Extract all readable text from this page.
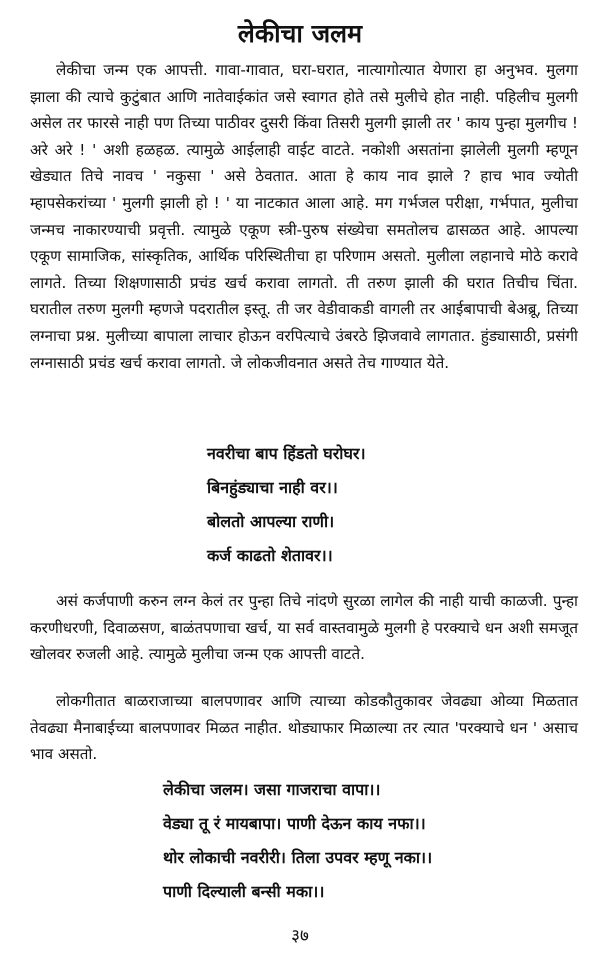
लेकीचा जलम

लेकीचा जन्म एक आपत्ती. गावा-गावात, घरा-घरात, नात्यागोत्यात येणारा हा अनुभव. मुलगा झाला की त्याचे कुटुंबात आणि नातेवाईकांत जसे स्वागत होते तसे मुलीचे होत नाही. पहिलीच मुलगी असेल तर फारसे नाही पण तिच्या पाठीवर दुसरी किंवा तिसरी मुलगी झाली तर ' काय पुन्हा मुलगीच ! अरे अरे ! ' अशी हळहळ. त्यामुळे आईलाही वाईट वाटते. नकोशी असतांना झालेली मुलगी म्हणून खेड्यात तिचे नावच ' नकुसा ' असे ठेवतात. आता हे काय नाव झाले ? हाच भाव ज्योती म्हापसेकरांच्या ' मुलगी झाली हो ! ' या नाटकात आला आहे. मग गर्भजल परीक्षा, गर्भपात, मुलीचा जन्मच नाकारण्याची प्रवृत्ती. त्यामुळे एकूण स्त्री-पुरुष संख्येचा समतोलच ढासळत आहे. आपल्या एकूण सामाजिक, सांस्कृतिक, आर्थिक परिस्थितीचा हा परिणाम असतो. मुलीला लहानाचे मोठे करावे लागते. तिच्या शिक्षणासाठी प्रचंड खर्च करावा लागतो. ती तरुण झाली की घरात तिचीच चिंता. घरातील तरुण मुलगी म्हणजे पदरातील इस्तू. ती जर वेडीवाकडी वागली तर आईबापाची बेअब्रू, तिच्या लग्नाचा प्रश्न. मुलीच्या बापाला लाचार होऊन वरपित्याचे उंबरठे झिजवावे लागतात. हुंड्यासाठी, प्रसंगी लग्नासाठी प्रचंड खर्च करावा लागतो. जे लोकजीवनात असते तेच गाण्यात येते.

नवरीचा बाप हिंडतो घरोघर।
बिनहुंड्याचा नाही वर।।
बोलतो आपल्या राणी।
कर्ज काढतो शेतावर।।

असं कर्जपाणी करुन लग्न केलं तर पुन्हा तिचे नांदणे सुरळा लागेल की नाही याची काळजी. पुन्हा करणीधरणी, दिवाळसण, बाळंतपणाचा खर्च, या सर्व वास्तवामुळे मुलगी हे परक्याचे धन अशी समजूत खोलवर रुजली आहे. त्यामुळे मुलीचा जन्म एक आपत्ती वाटते.

लोकगीतात बाळराजाच्या बालपणावर आणि त्याच्या कोडकौतुकावर जेवढ्या ओव्या मिळतात तेवढ्या मैनाबाईच्या बालपणावर मिळत नाहीत. थोड्याफार मिळाल्या तर त्यात 'परक्याचे धन ' असाच भाव असतो.

लेकीचा जलम। जसा गाजराचा वापा।।
वेड्या तू रं मायबापा। पाणी देऊन काय नफा।।
थोर लोकाची नवरीरी। तिला उपवर म्हणू नका।।
पाणी दिल्याली बन्सी मका।।

३७
